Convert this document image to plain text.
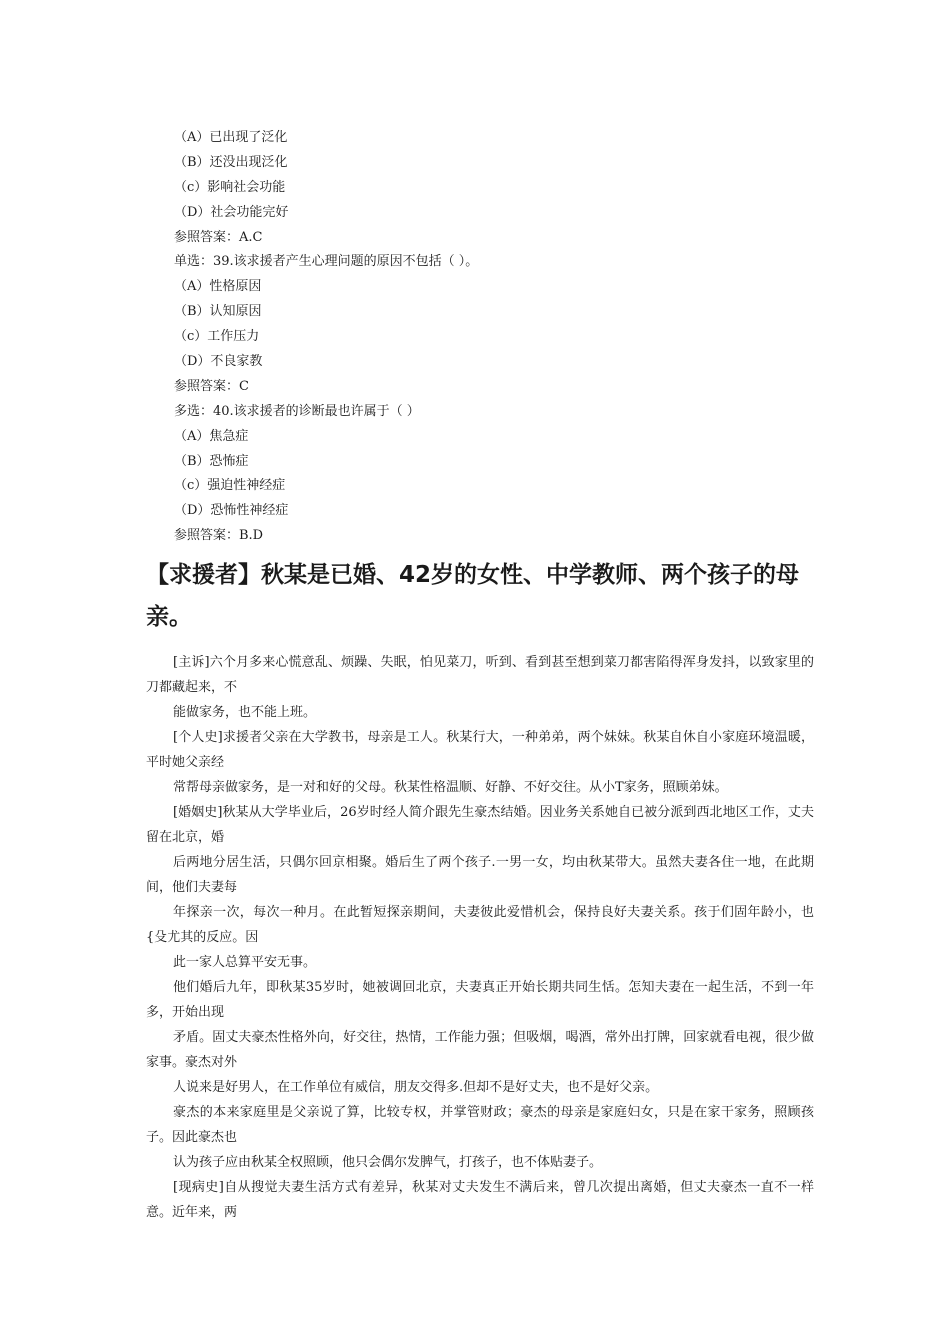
（A）已出现了泛化
（B）还没出现泛化
（c）影响社会功能
（D）社会功能完好
参照答案：A.C
单选：39.该求援者产生心理问题的原因不包括（ ）。
（A）性格原因
（B）认知原因
（c）工作压力
（D）不良家教
参照答案：C
多选：40.该求援者的诊断最也许属于（ ）
（A）焦急症
（B）恐怖症
（c）强迫性神经症
（D）恐怖性神经症
参照答案：B.D
【求援者】秋某是已婚、42岁的女性、中学教师、两个孩子的母亲。

[主诉]六个月多来心慌意乱、烦躁、失眠，怕见菜刀，听到、看到甚至想到菜刀都害陷得浑身发抖，以致家里的刀都藏起来，不

能做家务，也不能上班。

[个人史]求援者父亲在大学教书，母亲是工人。秋某行大，一种弟弟，两个妹妹。秋某自休自小家庭环境温暖，平时她父亲经

常帮母亲做家务，是一对和好的父母。秋某性格温顺、好静、不好交往。从小Т家务，照顾弟妹。

[婚姻史]秋某从大学毕业后，26岁时经人简介跟先生豪杰结婚。因业务关系她自已被分派到西北地区工作，丈夫留在北京，婚

后两地分居生活，只偶尔回京相聚。婚后生了两个孩子.一男一女，均由秋某带大。虽然夫妻各住一地，在此期间，他们夫妻每

年探亲一次，每次一种月。在此暂短探亲期间，夫妻彼此爱惜机会，保持良好夫妻关系。孩于们固年龄小，也{殳尤其的反应。因

此一家人总算平安无事。

他们婚后九年，即秋某35岁时，她被调回北京，夫妻真正开始长期共同生恬。怎知夫妻在一起生活，不到一年多，开始出现

矛盾。固丈夫豪杰性格外向，好交往，热情，工作能力强；但吸烟，喝酒，常外出打牌，回家就看电视，很少做家事。豪杰对外

人说来是好男人，在工作单位有威信，朋友交得多.但却不是好丈夫，也不是好父亲。

豪杰的本来家庭里是父亲说了算，比较专权，并掌管财政；豪杰的母亲是家庭妇女，只是在家干家务，照顾孩子。因此豪杰也

认为孩子应由秋某全权照顾，他只会偶尔发脾气，打孩子，也不体贴妻子。

[现病史]自从搜觉夫妻生活方式有差异，秋某对丈夫发生不满后来，曾几次提出离婚，但丈夫豪杰一直不一样意。近年来，两
